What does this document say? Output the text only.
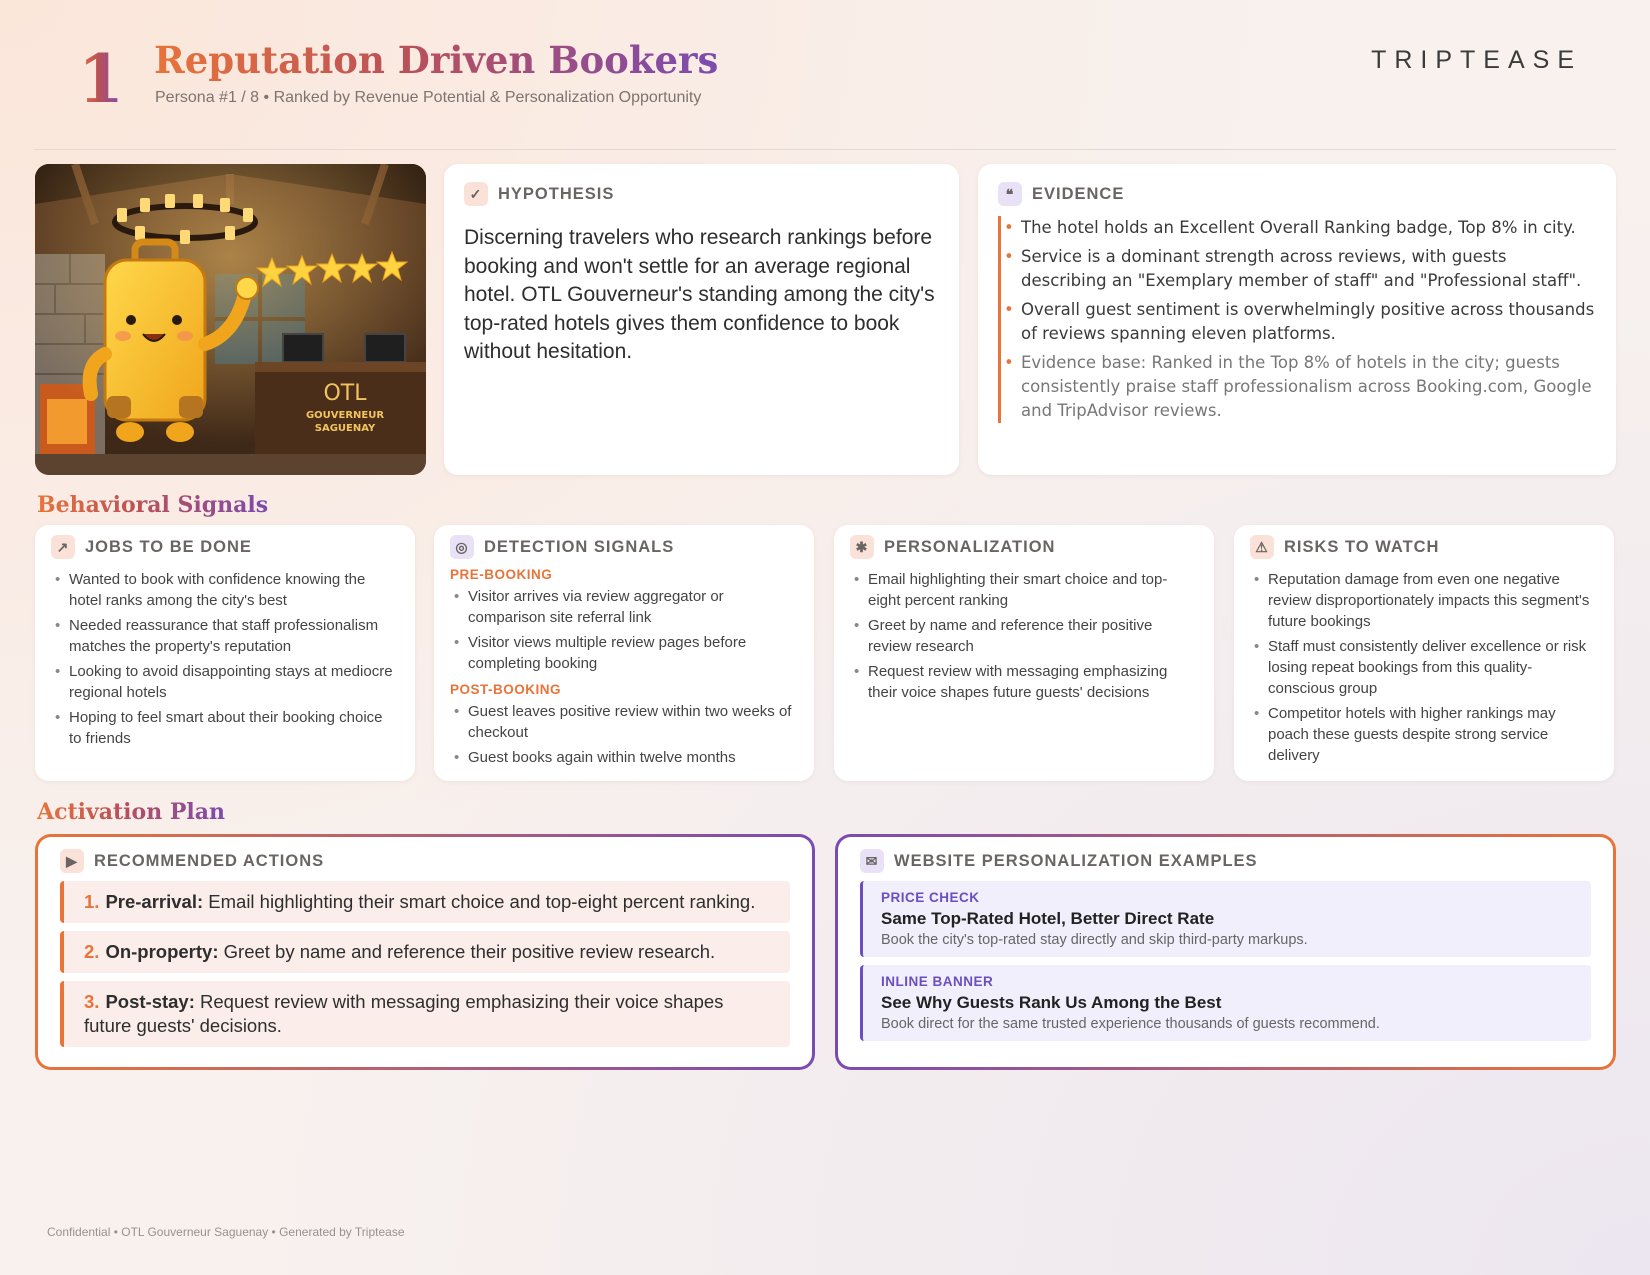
1 Reputation Driven Bookers
Persona #1 / 8 • Ranked by Revenue Potential & Personalization Opportunity
TRIPTEASE
OTL
GOUVERNEUR
SAGUENAY
✓ HYPOTHESIS

Discerning travelers who research rankings before booking and won't settle for an average regional hotel. OTL Gouverneur's standing among the city's top-rated hotels gives them confidence to book without hesitation.

❝	EVIDENCE
• The hotel holds an Excellent Overall Ranking badge, Top 8% in city.
• Service is a dominant strength across reviews, with guests describing an "Exemplary member of staff" and "Professional staff".
• Overall guest sentiment is overwhelmingly positive across thousands of reviews spanning eleven platforms.
• Evidence base: Ranked in the Top 8% of hotels in the city; guests consistently praise staff professionalism across Booking.com, Google and TripAdvisor reviews.
Behavioral Signals
↗ JOBS TO BE DONE
• Wanted to book with confidence knowing the hotel ranks among the city's best
• Needed reassurance that staff professionalism matches the property's reputation
• Looking to avoid disappointing stays at mediocre regional hotels
• Hoping to feel smart about their booking choice to friends
◎ DETECTION SIGNALS
PRE-BOOKING
• Visitor arrives via review aggregator or comparison site referral link
• Visitor views multiple review pages before completing booking
POST-BOOKING
• Guest leaves positive review within two weeks of checkout
• Guest books again within twelve months
✱ PERSONALIZATION
• Email highlighting their smart choice and top-eight percent ranking
• Greet by name and reference their positive review research
• Request review with messaging emphasizing their voice shapes future guests' decisions
⚠ RISKS TO WATCH
• Reputation damage from even one negative review disproportionately impacts this segment's future bookings
• Staff must consistently deliver excellence or risk losing repeat bookings from this quality-conscious group
• Competitor hotels with higher rankings may poach these guests despite strong service delivery
Activation Plan
▶ RECOMMENDED ACTIONS
1. Pre-arrival: Email highlighting their smart choice and top-eight percent ranking.
2. On-property: Greet by name and reference their positive review research.
3. Post-stay: Request review with messaging emphasizing their voice shapes future guests' decisions.
✉ WEBSITE PERSONALIZATION EXAMPLES
PRICE CHECK
Same Top-Rated Hotel, Better Direct Rate
Book the city's top-rated stay directly and skip third-party markups.
INLINE BANNER
See Why Guests Rank Us Among the Best
Book direct for the same trusted experience thousands of guests recommend.
Confidential • OTL Gouverneur Saguenay • Generated by Triptease
